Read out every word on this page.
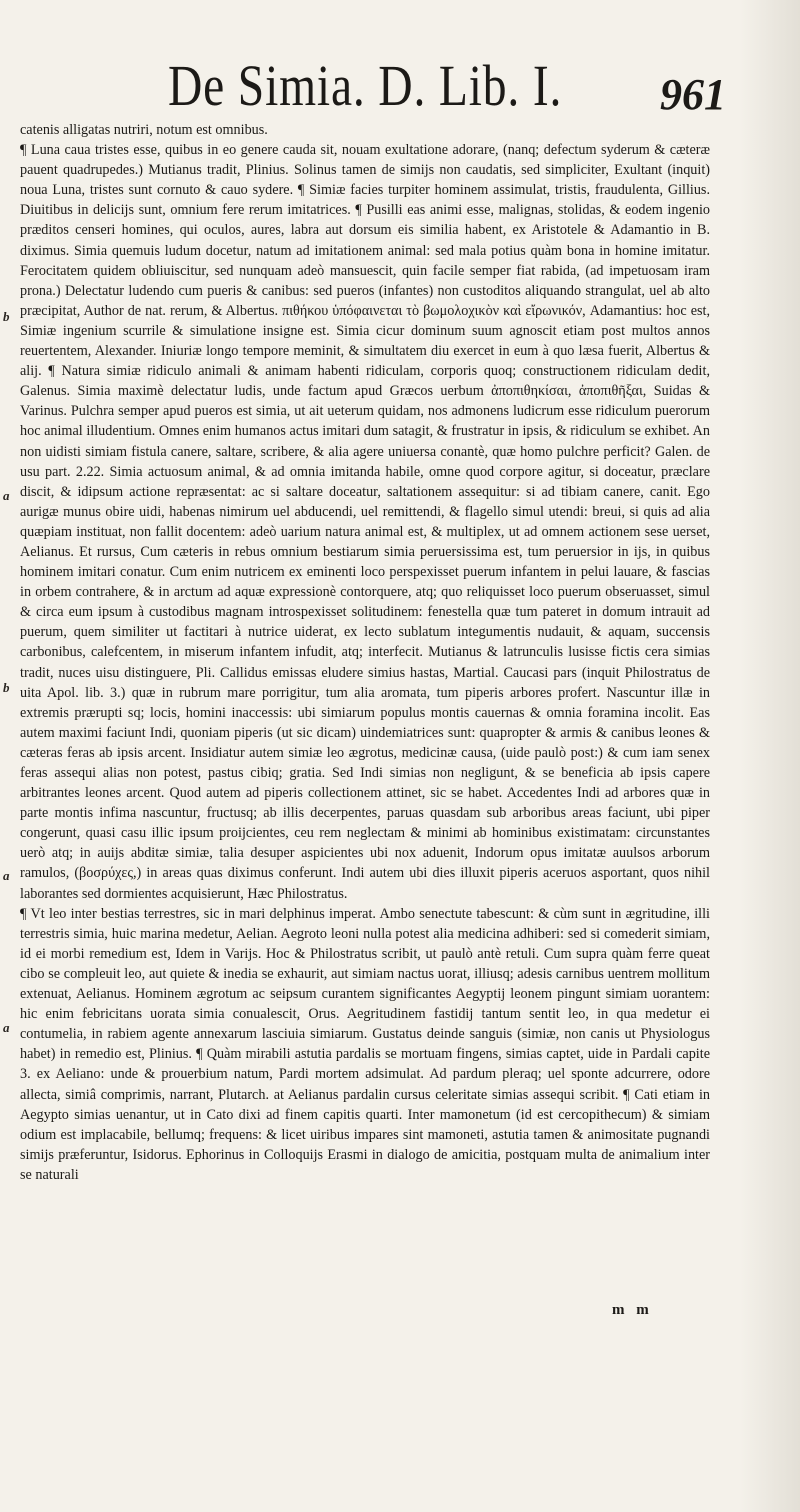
De Simia. D. Lib. I. 961

catenis alligatas nutriri, notum est omnibus.

¶ Luna caua tristes esse, quibus in eo genere cauda sit, nouam exultatione adorare, (nanq; defectum syderum & cæteræ pauent quadrupedes.) Mutianus tradit, Plinius. Solinus tamen de simijs non caudatis, sed simpliciter, Exultant (inquit) noua Luna, tristes sunt cornuto & cauo sydere. ¶ Simiæ facies turpiter hominem assimulat, tristis, fraudulenta, Gillius. Diuitibus in delicijs sunt, omnium fere rerum imitatrices. ¶ Pusilli eas animi esse, malignas, stolidas, & eodem ingenio præditos censeri homines, qui oculos, aures, labra aut dorsum eis similia habent, ex Aristotele & Adamantio in B. diximus. Simia quemuis ludum docetur, natum ad imitationem animal: sed mala potius quàm bona in homine imitatur. Ferocitatem quidem obliuiscitur, sed nunquam adeò mansuescit, quin facile semper fiat rabida, (ad impetuosam iram prona.) Delectatur ludendo cum pueris & canibus: sed pueros (infantes) non custoditos aliquando strangulat, uel ab alto præcipitat, Author de nat. rerum, & Albertus. πιθήκου ὑπόφαινεται τὸ βωμολοχικὸν καὶ εἴρωνικόν, Adamantius: hoc est, Simiæ ingenium scurrile & simulatione insigne est. Simia cicur dominum suum agnoscit etiam post multos annos reuertentem, Alexander. Iniuriæ longo tempore meminit, & simultatem diu exercet in eum à quo læsa fuerit, Albertus & alij. ¶ Natura simiæ ridiculo animali & animam habenti ridiculam, corporis quoq; constructionem ridiculam dedit, Galenus. Simia maximè delectatur ludis, unde factum apud Græcos uerbum ἀποπιθηκίσαι, ἀποπιθῆξαι, Suidas & Varinus. Pulchra semper apud pueros est simia, ut ait ueterum quidam, nos admonens ludicrum esse ridiculum puerorum hoc animal illudentium. Omnes enim humanos actus imitari dum satagit, & frustratur in ipsis, & ridiculum se exhibet. An non uidisti simiam fistula canere, saltare, scribere, & alia agere uniuersa conantè, quæ homo pulchre perficit? Galen. de usu part. 2.22. Simia actuosum animal, & ad omnia imitanda habile, omne quod corpore agitur, si doceatur, præclare discit, & idipsum actione repræsentat: ac si saltare doceatur, saltationem assequitur: si ad tibiam canere, canit. Ego aurigæ munus obire uidi, habenas nimirum uel abducendi, uel remittendi, & flagello simul utendi: breui, si quis ad alia quæpiam instituat, non fallit docentem: adeò uarium natura animal est, & multiplex, ut ad omnem actionem sese uerset, Aelianus. Et rursus, Cum cæteris in rebus omnium bestiarum simia peruersissima est, tum peruersior in ijs, in quibus hominem imitari conatur. Cum enim nutricem ex eminenti loco perspexisset puerum infantem in pelui lauare, & fascias in orbem contrahere, & in arctum ad aquæ expressionè contorquere, atq; quo reliquisset loco puerum obseruasset, simul & circa eum ipsum à custodibus magnam introspexisset solitudinem: fenestella quæ tum pateret in domum intrauit ad puerum, quem similiter ut factitari à nutrice uiderat, ex lecto sublatum integumentis nudauit, & aquam, succensis carbonibus, calefcentem, in miserum infantem infudit, atq; interfecit. Mutianus & latrunculis lusisse fictis cera simias tradit, nuces uisu distinguere, Pli. Callidus emissas eludere simius hastas, Martial. Caucasi pars (inquit Philostratus de uita Apol. lib. 3.) quæ in rubrum mare porrigitur, tum alia aromata, tum piperis arbores profert. Nascuntur illæ in extremis prærupti sq; locis, homini inaccessis: ubi simiarum populus montis cauernas & omnia foramina incolit. Eas autem maximi faciunt Indi, quoniam piperis (ut sic dicam) uindemiatrices sunt: quapropter & armis & canibus leones & cæteras feras ab ipsis arcent. Insidiatur autem simiæ leo ægrotus, medicinæ causa, (uide paulò post:) & cum iam senex feras assequi alias non potest, pastus cibiq; gratia. Sed Indi simias non negligunt, & se beneficia ab ipsis capere arbitrantes leones arcent. Quod autem ad piperis collectionem attinet, sic se habet. Accedentes Indi ad arbores quæ in parte montis infima nascuntur, fructusq; ab illis decerpentes, paruas quasdam sub arboribus areas faciunt, ubi piper congerunt, quasi casu illic ipsum proijcientes, ceu rem neglectam & minimi ab hominibus existimatam: circunstantes uerò atq; in auijs abditæ simiæ, talia desuper aspicientes ubi nox aduenit, Indorum opus imitatæ auulsos arborum ramulos, (βοσρύχες,) in areas quas diximus conferunt. Indi autem ubi dies illuxit piperis aceruos asportant, quos nihil laborantes sed dormientes acquisierunt, Hæc Philostratus.

¶ Vt leo inter bestias terrestres, sic in mari delphinus imperat. Ambo senectute tabescunt: & cùm sunt in ægritudine, illi terrestris simia, huic marina medetur, Aelian. Aegroto leoni nulla potest alia medicina adhiberi: sed si comederit simiam, id ei morbi remedium est, Idem in Varijs. Hoc & Philostratus scribit, ut paulò antè retuli. Cum supra quàm ferre queat cibo se compleuit leo, aut quiete & inedia se exhaurit, aut simiam nactus uorat, illiusq; adesis carnibus uentrem mollitum extenuat, Aelianus. Hominem ægrotum ac seipsum curantem significantes Aegyptij leonem pingunt simiam uorantem: hic enim febricitans uorata simia conualescit, Orus. Aegritudinem fastidij tantum sentit leo, in qua medetur ei contumelia, in rabiem agente annexarum lasciuia simiarum. Gustatus deinde sanguis (simiæ, non canis ut Physiologus habet) in remedio est, Plinius. ¶ Quàm mirabili astutia pardalis se mortuam fingens, simias captet, uide in Pardali capite 3. ex Aeliano: unde & prouerbium natum, Pardi mortem adsimulat. Ad pardum pleraq; uel sponte adcurrere, odore allecta, simiâ comprimis, narrant, Plutarch. at Aelianus pardalin cursus celeritate simias assequi scribit. ¶ Cati etiam in Aegypto simias uenantur, ut in Cato dixi ad finem capitis quarti. Inter mamonetum (id est cercopithecum) & simiam odium est implacabile, bellumq; frequens: & licet uiribus impares sint mamoneti, astutia tamen & animositate pugnandi simijs præferuntur, Isidorus. Ephorinus in Colloquijs Erasmi in dialogo de amicitia, postquam multa de animalium inter se naturali

b
a
b
a
a
m m
